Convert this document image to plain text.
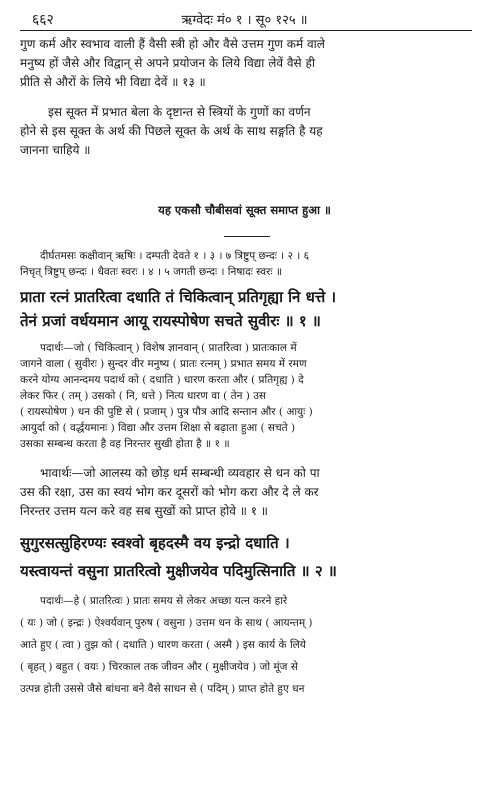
६६२	ऋग्वेदः मं० १ । सू० १२५ ॥
गुण कर्म और स्वभाव वाली हैं वैसी स्त्री हो और वैसे उत्तम गुण कर्म वाले
मनुष्य हों जैसे और विद्वान् से अपने प्रयोजन के लिये विद्या लेवें वैसे ही
प्रीति से औरों के लिये भी विद्या देवें ॥ १३ ॥
इस सूक्त में प्रभात बेला के दृष्टान्त से स्त्रियों के गुणों का वर्णन
होने से इस सूक्त के अर्थ की पिछले सूक्त के अर्थ के साथ सङ्गति है यह
जानना चाहिये ॥
यह एकसौ चौबीसवां सूक्त समाप्त हुआ ॥
दीर्घतमसः कक्षीवान् ऋषिः । दम्पती देवते १ । ३ । ७ त्रिष्टुप् छन्दः । २ । ६
निचृत् त्रिष्टुप् छन्दः । धैवतः स्वरः । ४ । ५ जगती छन्दः । निषादः स्वरः ॥
प्राता रत्नं प्रातरित्वा दधाति तं चिकित्वान् प्रतिगृह्या नि धत्ते ।
तेनं प्रजां वर्धयमान आयू रायस्पोषेण सचते सुवीरः ॥ १ ॥
पदार्थः—जो ( चिकित्वान् ) विशेष ज्ञानवान् ( प्रातरित्वा ) प्रातःकाल में
जागने वाला ( सुवीरः ) सुन्दर वीर मनुष्य ( प्रातः रत्नम् ) प्रभात समय में रमण
करने योग्य आनन्दमय पदार्थ को ( दधाति ) धारण करता और ( प्रतिगृह्य ) दे
लेकर फिर ( तम् ) उसको ( नि, धत्ते ) नित्य धारण वा ( तेन ) उस
( रायस्पोषेण ) धन की पुष्टि से ( प्रजाम् ) पुत्र पौत्र आदि सन्तान और ( आयुः )
आयुर्दा को ( वर्द्धयमानः ) विद्या और उत्तम शिक्षा से बढ़ाता हुआ ( सचते )
उसका सम्बन्ध करता है वह निरन्तर सुखी होता है ॥ १ ॥
भावार्थः—जो आलस्य को छोड़ धर्म सम्बन्धी व्यवहार से धन को पा
उस की रक्षा, उस का स्वयं भोग कर दूसरों को भोग करा और दे ले कर
निरन्तर उत्तम यत्न करे वह सब सुखों को प्राप्त होवे ॥ १ ॥
सुगुरसत्सुहिरण्यः स्वश्वो बृहदस्मै वय इन्द्रो दधाति ।
यस्त्वायन्तं वसुना प्रातरित्वो मुक्षीजयेव पदिमुत्सिनाति ॥ २ ॥
पदार्थः—हे ( प्रातरित्वः ) प्रातः समय से लेकर अच्छा यत्न करने हारे
( यः ) जो ( इन्द्रः ) ऐश्वर्यवान् पुरुष ( वसुना ) उत्तम धन के साथ ( आयन्तम् )
आते हुए ( त्वा ) तुझ को ( दधाति ) धारण करता ( अस्मै ) इस कार्य के लिये
( बृहत् ) बहुत ( वयः ) चिरकाल तक जीवन और ( मुक्षीजयेव ) जो मूंज से
उत्पन्न होती उससे जैसे बांधना बने वैसे साधन से ( पदिम् ) प्राप्त होते हुए धन
